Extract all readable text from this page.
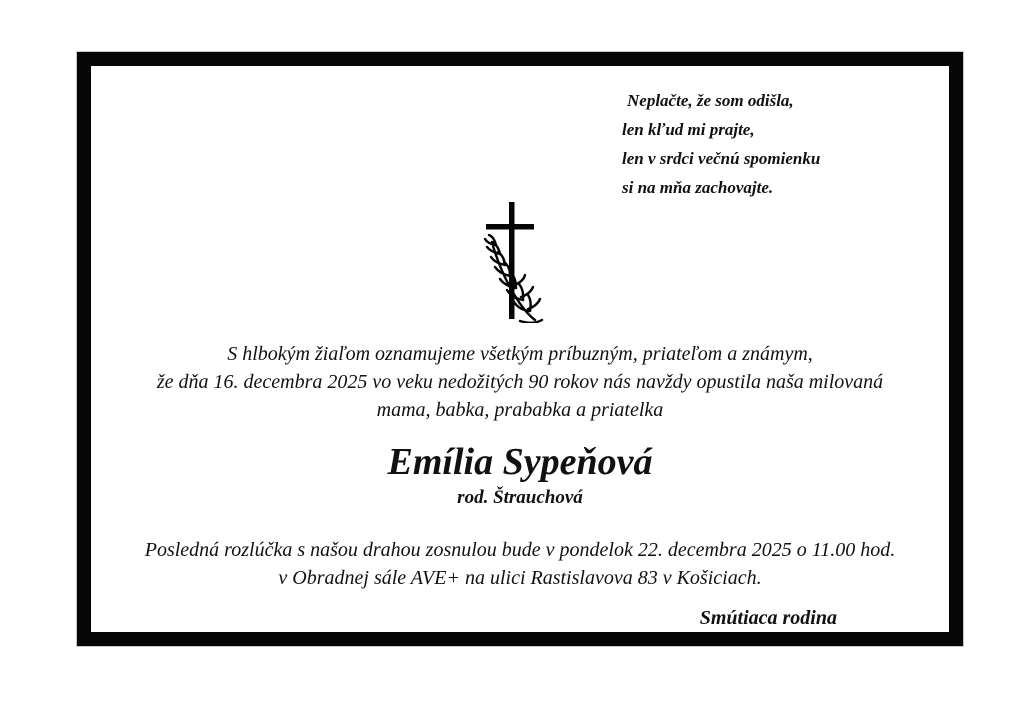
Neplačte, že som odišla,
len kľud mi prajte,
len v srdci večnú spomienku
si na mňa zachovajte.
S hlbokým žiaľom oznamujeme všetkým príbuzným, priateľom a známym,
že dňa 16. decembra 2025 vo veku nedožitých 90 rokov nás navždy opustila naša milovaná
mama, babka, prababka a priatelka
Emília Sypeňová
rod. Štrauchová
Posledná rozlúčka s našou drahou zosnulou bude v pondelok 22. decembra 2025 o 11.00 hod.
v Obradnej sále AVE+ na ulici Rastislavova 83 v Košiciach.
Smútiaca rodina
